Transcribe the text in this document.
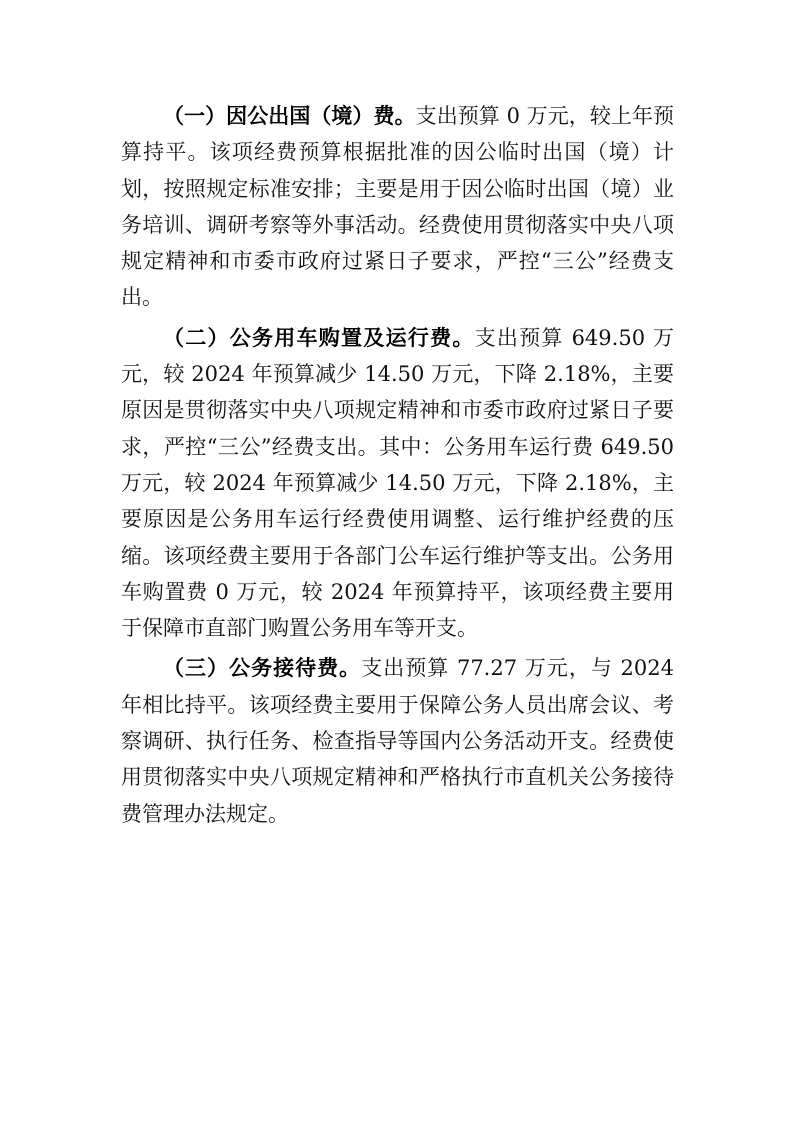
（一）因公出国（境）费。支出预算 0 万元，较上年预算持平。该项经费预算根据批准的因公临时出国（境）计划，按照规定标准安排；主要是用于因公临时出国（境）业务培训、调研考察等外事活动。经费使用贯彻落实中央八项规定精神和市委市政府过紧日子要求，严控“三公”经费支出。

（二）公务用车购置及运行费。支出预算 649.50 万元，较 2024 年预算减少 14.50 万元，下降 2.18%，主要原因是贯彻落实中央八项规定精神和市委市政府过紧日子要求，严控“三公”经费支出。其中：公务用车运行费 649.50 万元，较 2024 年预算减少 14.50 万元，下降 2.18%，主要原因是公务用车运行经费使用调整、运行维护经费的压缩。该项经费主要用于各部门公车运行维护等支出。公务用车购置费 0 万元，较 2024 年预算持平，该项经费主要用于保障市直部门购置公务用车等开支。

（三）公务接待费。支出预算 77.27 万元，与 2024 年相比持平。该项经费主要用于保障公务人员出席会议、考察调研、执行任务、检查指导等国内公务活动开支。经费使用贯彻落实中央八项规定精神和严格执行市直机关公务接待费管理办法规定。
